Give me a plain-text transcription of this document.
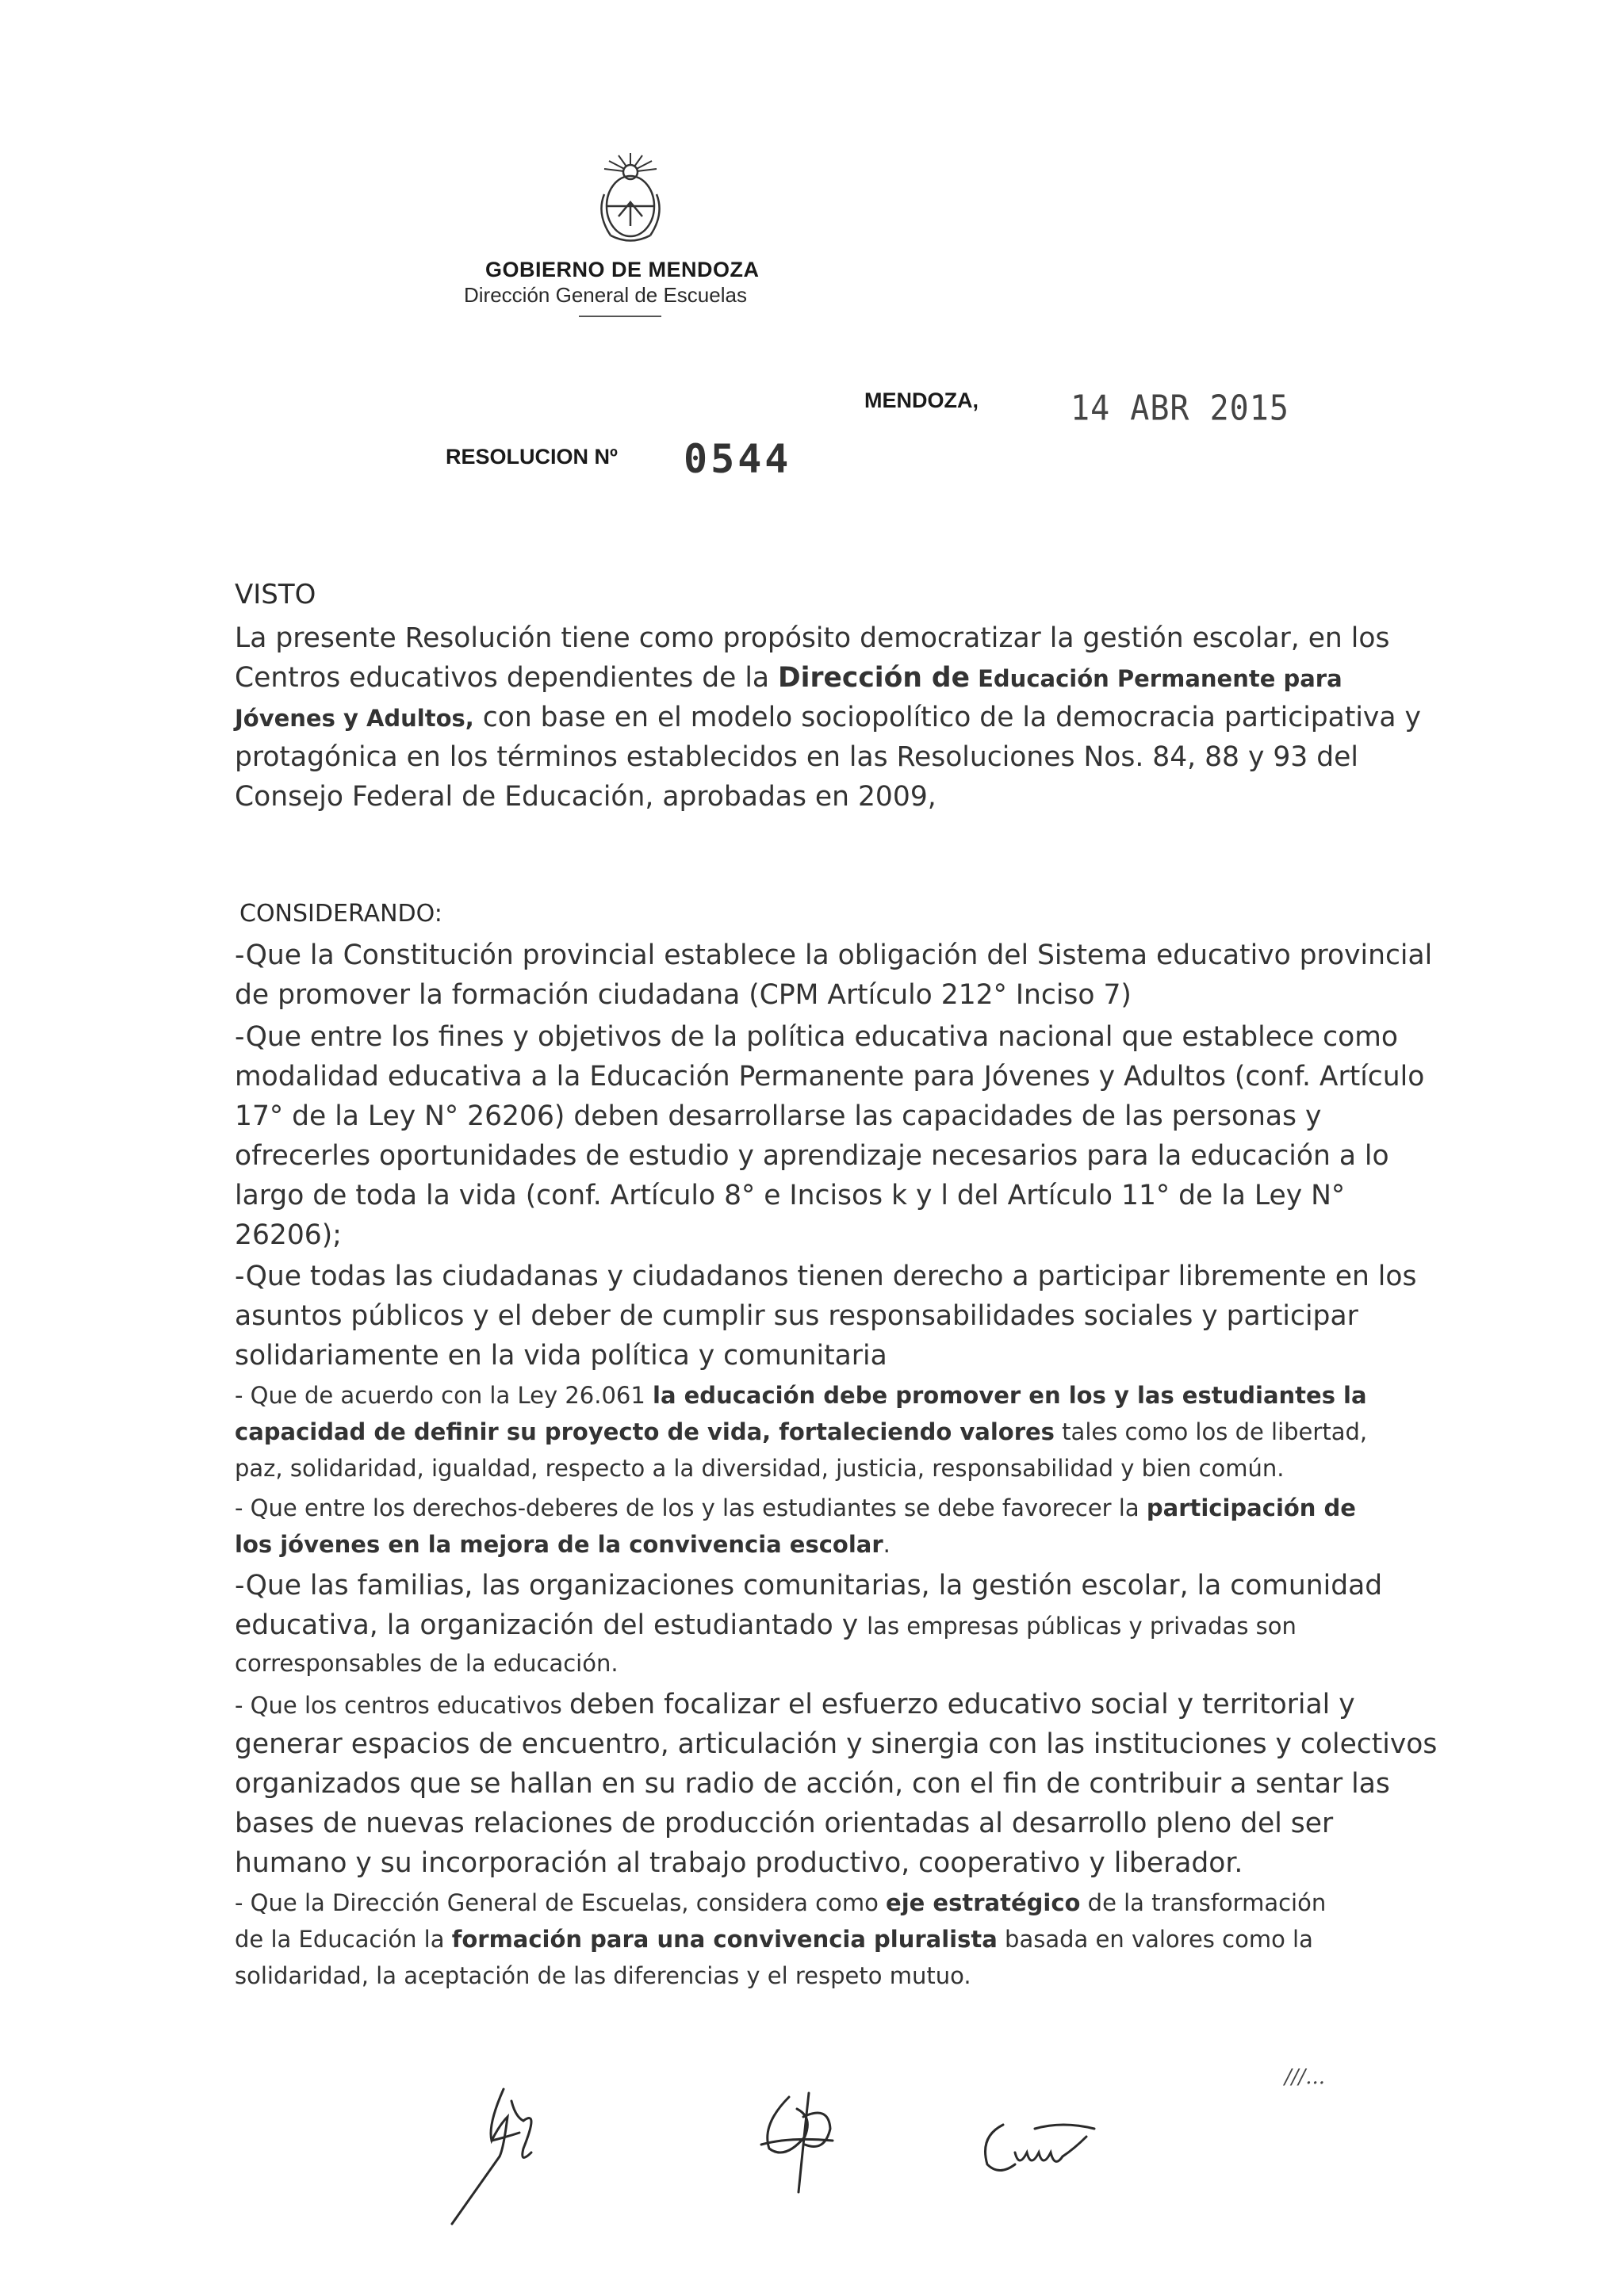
GOBIERNO DE MENDOZA
Dirección General de Escuelas
MENDOZA,	14 ABR 2015
RESOLUCION Nº 0544
VISTO
La presente Resolución tiene como propósito democratizar la gestión escolar, en los
Centros educativos dependientes de la Dirección de Educación Permanente para
Jóvenes y Adultos, con base en el modelo sociopolítico de la democracia participativa y
protagónica en los términos establecidos en las Resoluciones Nos. 84, 88 y 93 del
Consejo Federal de Educación, aprobadas en 2009,
CONSIDERANDO:
-Que la Constitución provincial establece la obligación del Sistema educativo provincial
de promover la formación ciudadana (CPM Artículo 212° Inciso 7)
-Que entre los fines y objetivos de la política educativa nacional que establece como
modalidad educativa a la Educación Permanente para Jóvenes y Adultos (conf. Artículo
17° de la Ley N° 26206) deben desarrollarse las capacidades de las personas y
ofrecerles oportunidades de estudio y aprendizaje necesarios para la educación a lo
largo de toda la vida (conf. Artículo 8° e Incisos k y l del Artículo 11° de la Ley N°
26206);
-Que todas las ciudadanas y ciudadanos tienen derecho a participar libremente en los
asuntos públicos y el deber de cumplir sus responsabilidades sociales y participar
solidariamente en la vida política y comunitaria
- Que de acuerdo con la Ley 26.061 la educación debe promover en los y las estudiantes la
capacidad de definir su proyecto de vida, fortaleciendo valores tales como los de libertad,
paz, solidaridad, igualdad, respecto a la diversidad, justicia, responsabilidad y bien común.
- Que entre los derechos-deberes de los y las estudiantes se debe favorecer la participación de
los jóvenes en la mejora de la convivencia escolar.
-Que las familias, las organizaciones comunitarias, la gestión escolar, la comunidad
educativa, la organización del estudiantado y las empresas públicas y privadas son
corresponsables de la educación.
- Que los centros educativos deben focalizar el esfuerzo educativo social y territorial y
generar espacios de encuentro, articulación y sinergia con las instituciones y colectivos
organizados que se hallan en su radio de acción, con el fin de contribuir a sentar las
bases de nuevas relaciones de producción orientadas al desarrollo pleno del ser
humano y su incorporación al trabajo productivo, cooperativo y liberador.
- Que la Dirección General de Escuelas, considera como eje estratégico de la transformación
de la Educación la formación para una convivencia pluralista basada en valores como la
solidaridad, la aceptación de las diferencias y el respeto mutuo.
///...
